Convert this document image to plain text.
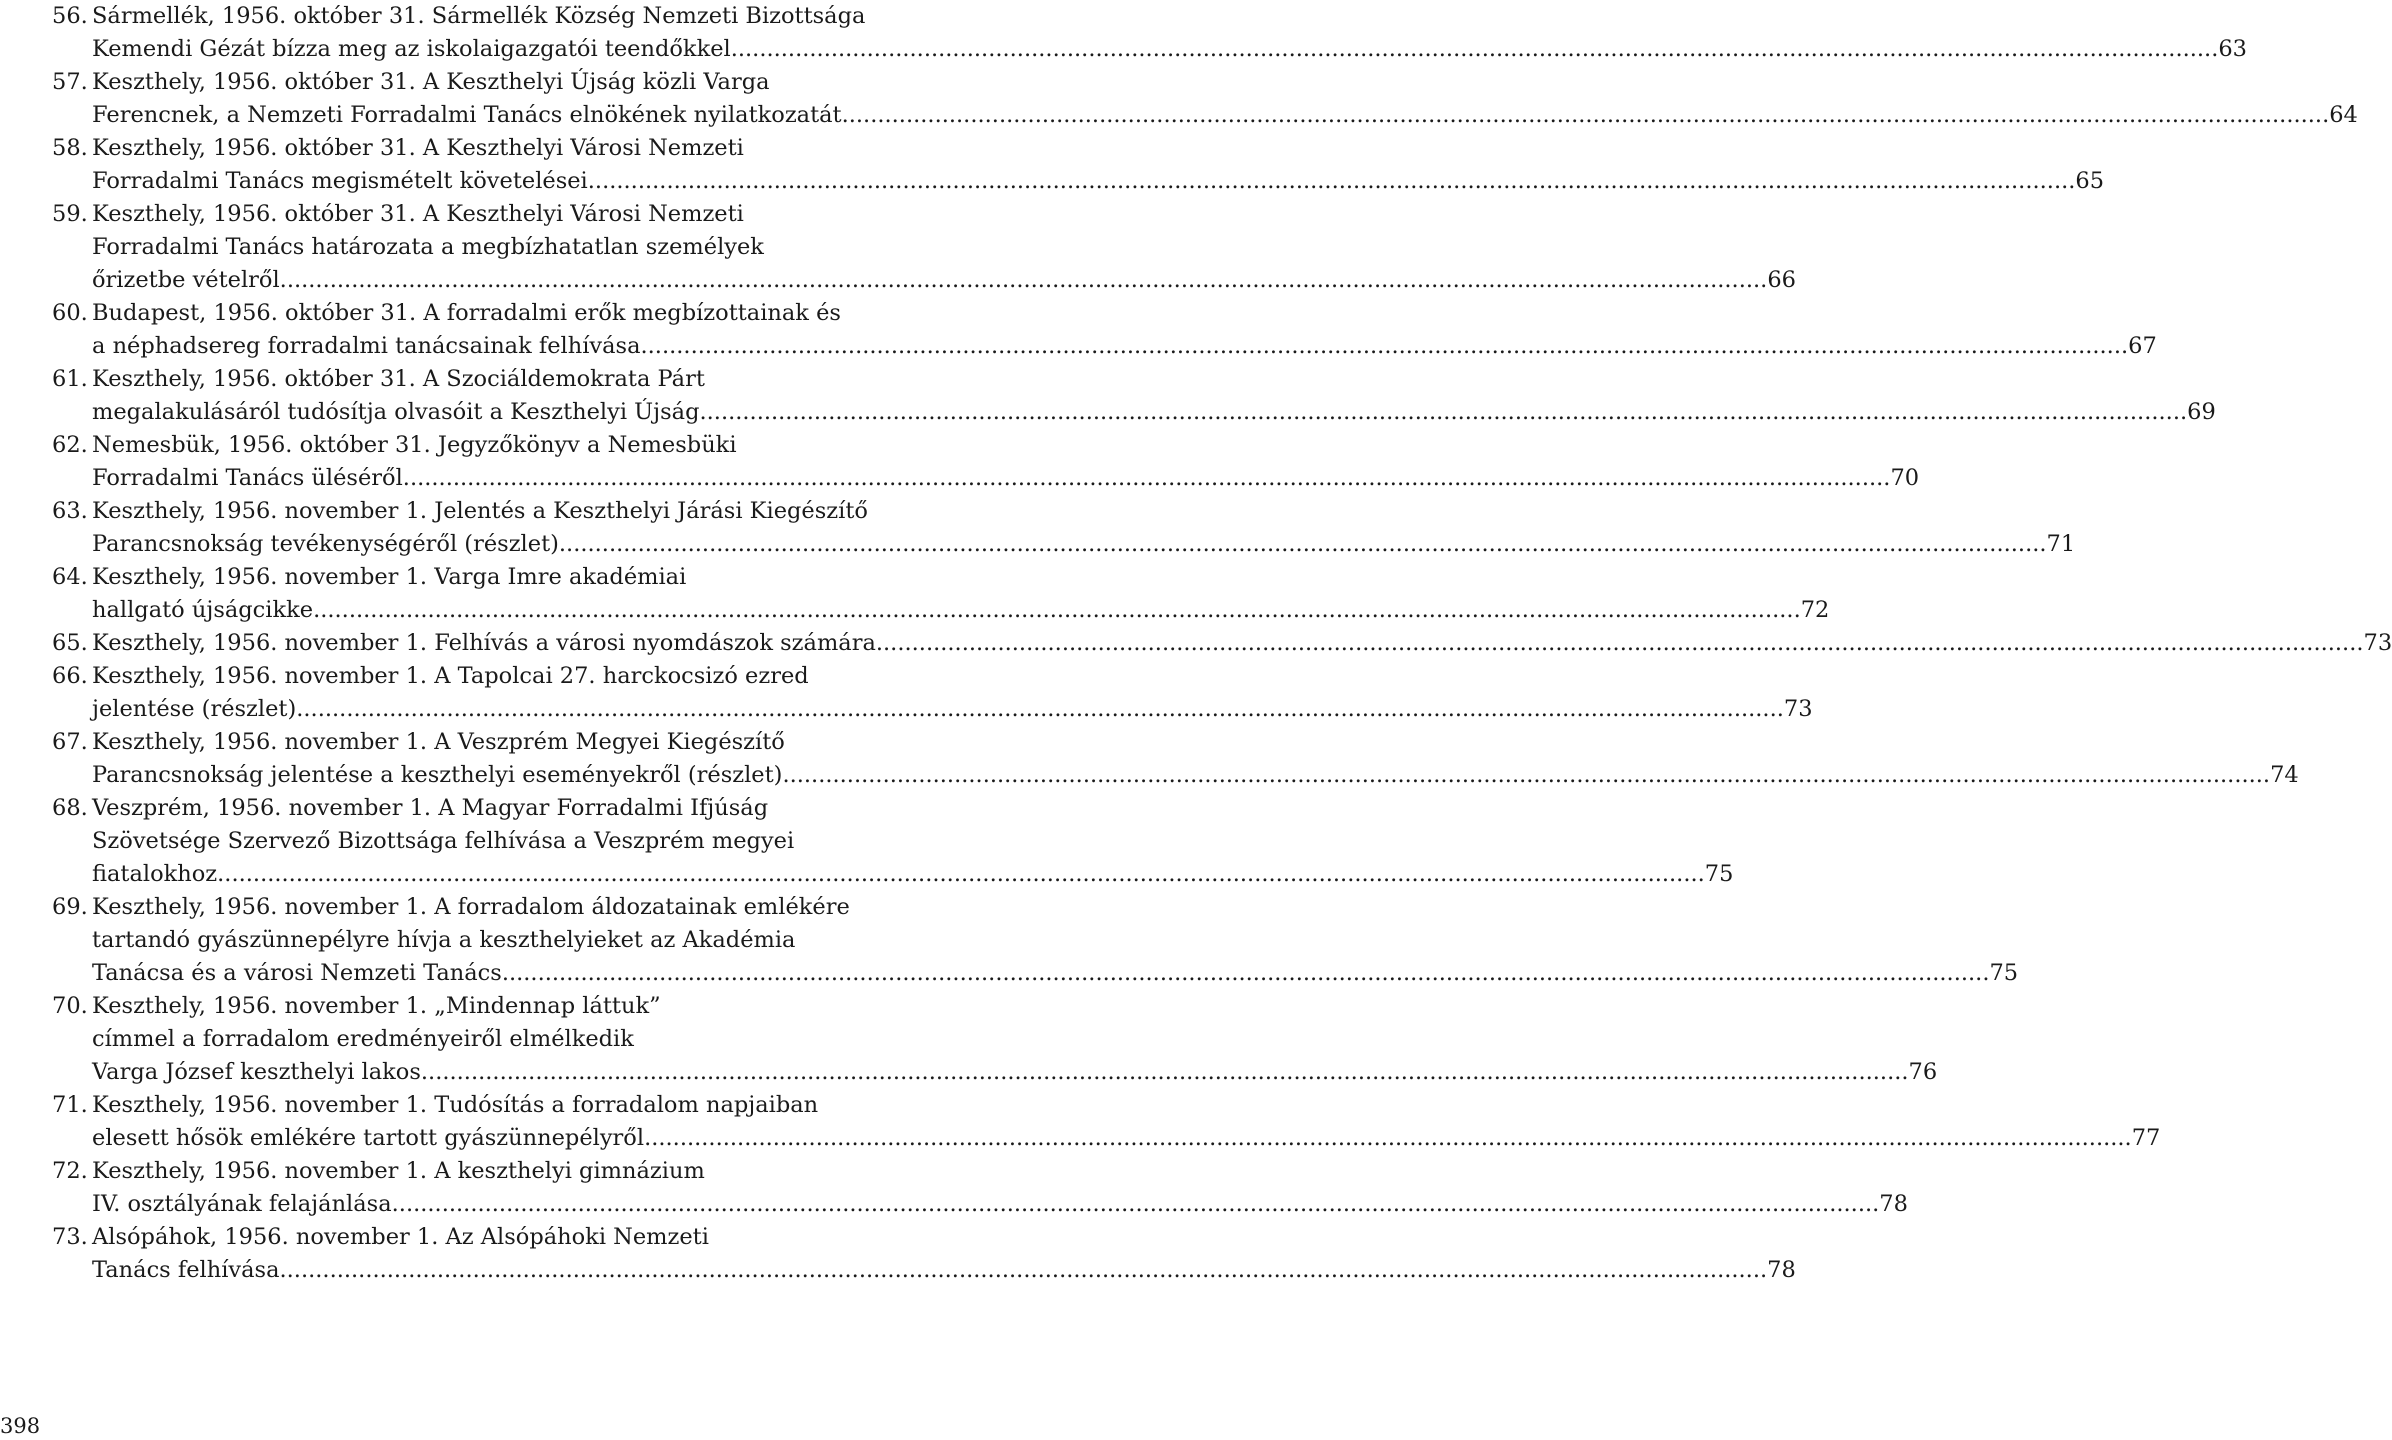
56. Sármellék, 1956. október 31. Sármellék Község Nemzeti Bizottsága
Kemendi Gézát bízza meg az iskolaigazgatói teendőkkel .....	63
57. Keszthely, 1956. október 31. A Keszthelyi Újság közli Varga
Ferencnek, a Nemzeti Forradalmi Tanács elnökének nyilatkozatát .....	64
58. Keszthely, 1956. október 31. A Keszthelyi Városi Nemzeti
Forradalmi Tanács megismételt követelései .....	65
59. Keszthely, 1956. október 31. A Keszthelyi Városi Nemzeti
Forradalmi Tanács határozata a megbízhatatlan személyek
őrizetbe vételről .....	66
60. Budapest, 1956. október 31. A forradalmi erők megbízottainak és
a néphadsereg forradalmi tanácsainak felhívása .....	67
61. Keszthely, 1956. október 31. A Szociáldemokrata Párt
megalakulásáról tudósítja olvasóit a Keszthelyi Újság .....	69
62. Nemesbük, 1956. október 31. Jegyzőkönyv a Nemesbüki
Forradalmi Tanács üléséről .....	70
63. Keszthely, 1956. november 1. Jelentés a Keszthelyi Járási Kiegészítő
Parancsnokság tevékenységéről (részlet) .....	71
64. Keszthely, 1956. november 1. Varga Imre akadémiai
hallgató újságcikke .....	72
65. Keszthely, 1956. november 1. Felhívás a városi nyomdászok számára .....	73
66. Keszthely, 1956. november 1. A Tapolcai 27. harckocsizó ezred
jelentése (részlet) .....	73
67. Keszthely, 1956. november 1. A Veszprém Megyei Kiegészítő
Parancsnokság jelentése a keszthelyi eseményekről (részlet) .....	74
68. Veszprém, 1956. november 1. A Magyar Forradalmi Ifjúság
Szövetsége Szervező Bizottsága felhívása a Veszprém megyei
fiatalokhoz .....	75
69. Keszthely, 1956. november 1. A forradalom áldozatainak emlékére
tartandó gyászünnepélyre hívja a keszthelyieket az Akadémia
Tanácsa és a városi Nemzeti Tanács .....	75
70. Keszthely, 1956. november 1. „Mindennap láttuk”
címmel a forradalom eredményeiről elmélkedik
Varga József keszthelyi lakos .....	76
71. Keszthely, 1956. november 1. Tudósítás a forradalom napjaiban
elesett hősök emlékére tartott gyászünnepélyről .....	77
72. Keszthely, 1956. november 1. A keszthelyi gimnázium
IV. osztályának felajánlása .....	78
73. Alsópáhok, 1956. november 1. Az Alsópáhoki Nemzeti
Tanács felhívása .....	78
398
